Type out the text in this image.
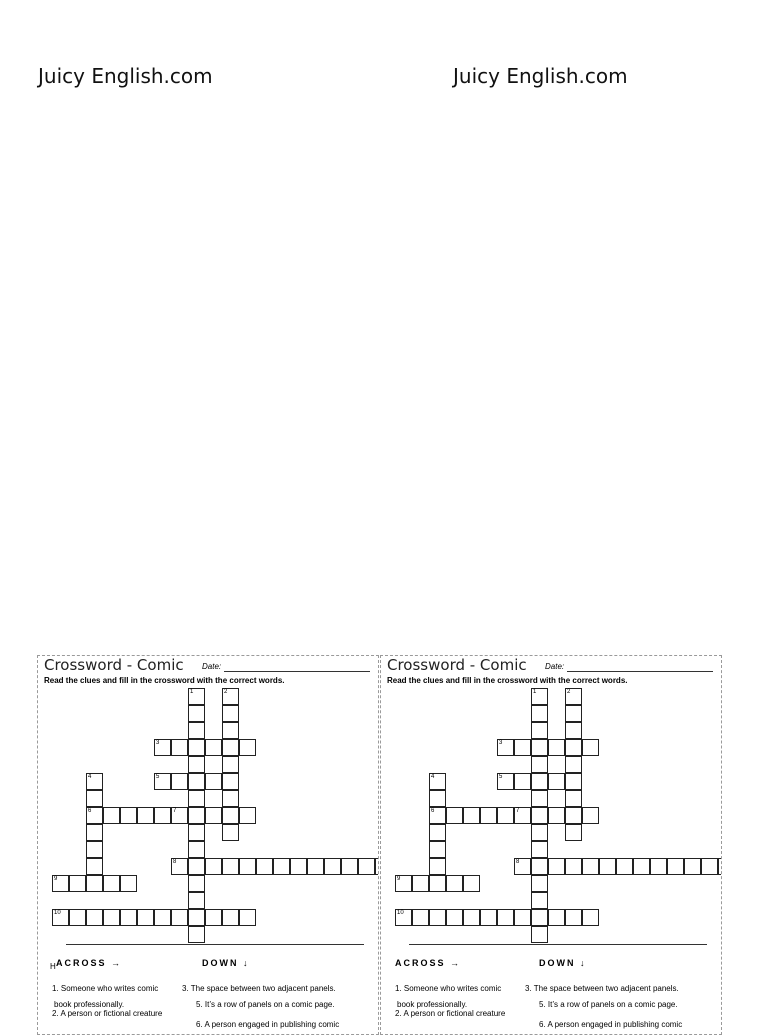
Juicy English.com	Juicy English.com
Crossword - Comic Date:
Read the clues and fill in the crossword with the correct words.
1	2
3
4	5
6	7
8
9
10
H ACROSS →	DOWN ↓
1. Someone who writes comic
book professionally.
2. A person or fictional creature
3. The space between two adjacent panels.
5. It’s a row of panels on a comic page.
6. A person engaged in publishing comic
Crossword - Comic Date:
Read the clues and fill in the crossword with the correct words.
1	2
3
4	5
6	7
8
9
10
ACROSS →	DOWN ↓
1. Someone who writes comic
book professionally.
2. A person or fictional creature
3. The space between two adjacent panels.
5. It’s a row of panels on a comic page.
6. A person engaged in publishing comic
